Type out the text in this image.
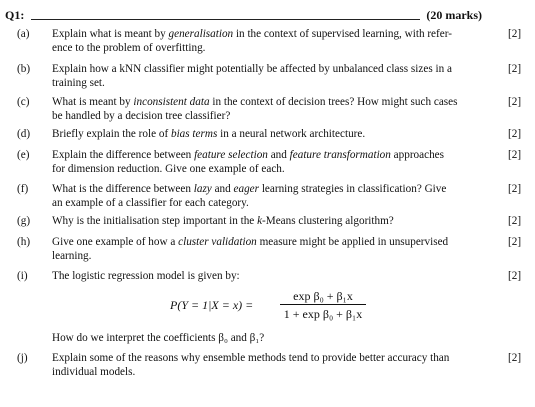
Q1:	(20 marks)
(a) Explain what is meant by generalisation in the context of supervised learning, with refer-
ence to the problem of overfitting.
[2]
(b) Explain how a kNN classifier might potentially be affected by unbalanced class sizes in a
training set.
[2]
(c) What is meant by inconsistent data in the context of decision trees? How might such cases
be handled by a decision tree classifier?
[2]
(d) Briefly explain the role of bias terms in a neural network architecture.	[2]
(e) Explain the difference between feature selection and feature transformation approaches
for dimension reduction. Give one example of each.
[2]
(f) What is the difference between lazy and eager learning strategies in classification? Give
an example of a classifier for each category.
[2]
(g) Why is the initialisation step important in the k-Means clustering algorithm?	[2]
(h) Give one example of how a cluster validation measure might be applied in unsupervised
learning.
[2]
(i) The logistic regression model is given by:	[2]
(j) Explain some of the reasons why ensemble methods tend to provide better accuracy than
individual models.
[2]
P(Y = 1|X = x) =
exp β₀ + β₁x
1 + exp β₀ + β₁x
How do we interpret the coefficients β₀ and β₁?
